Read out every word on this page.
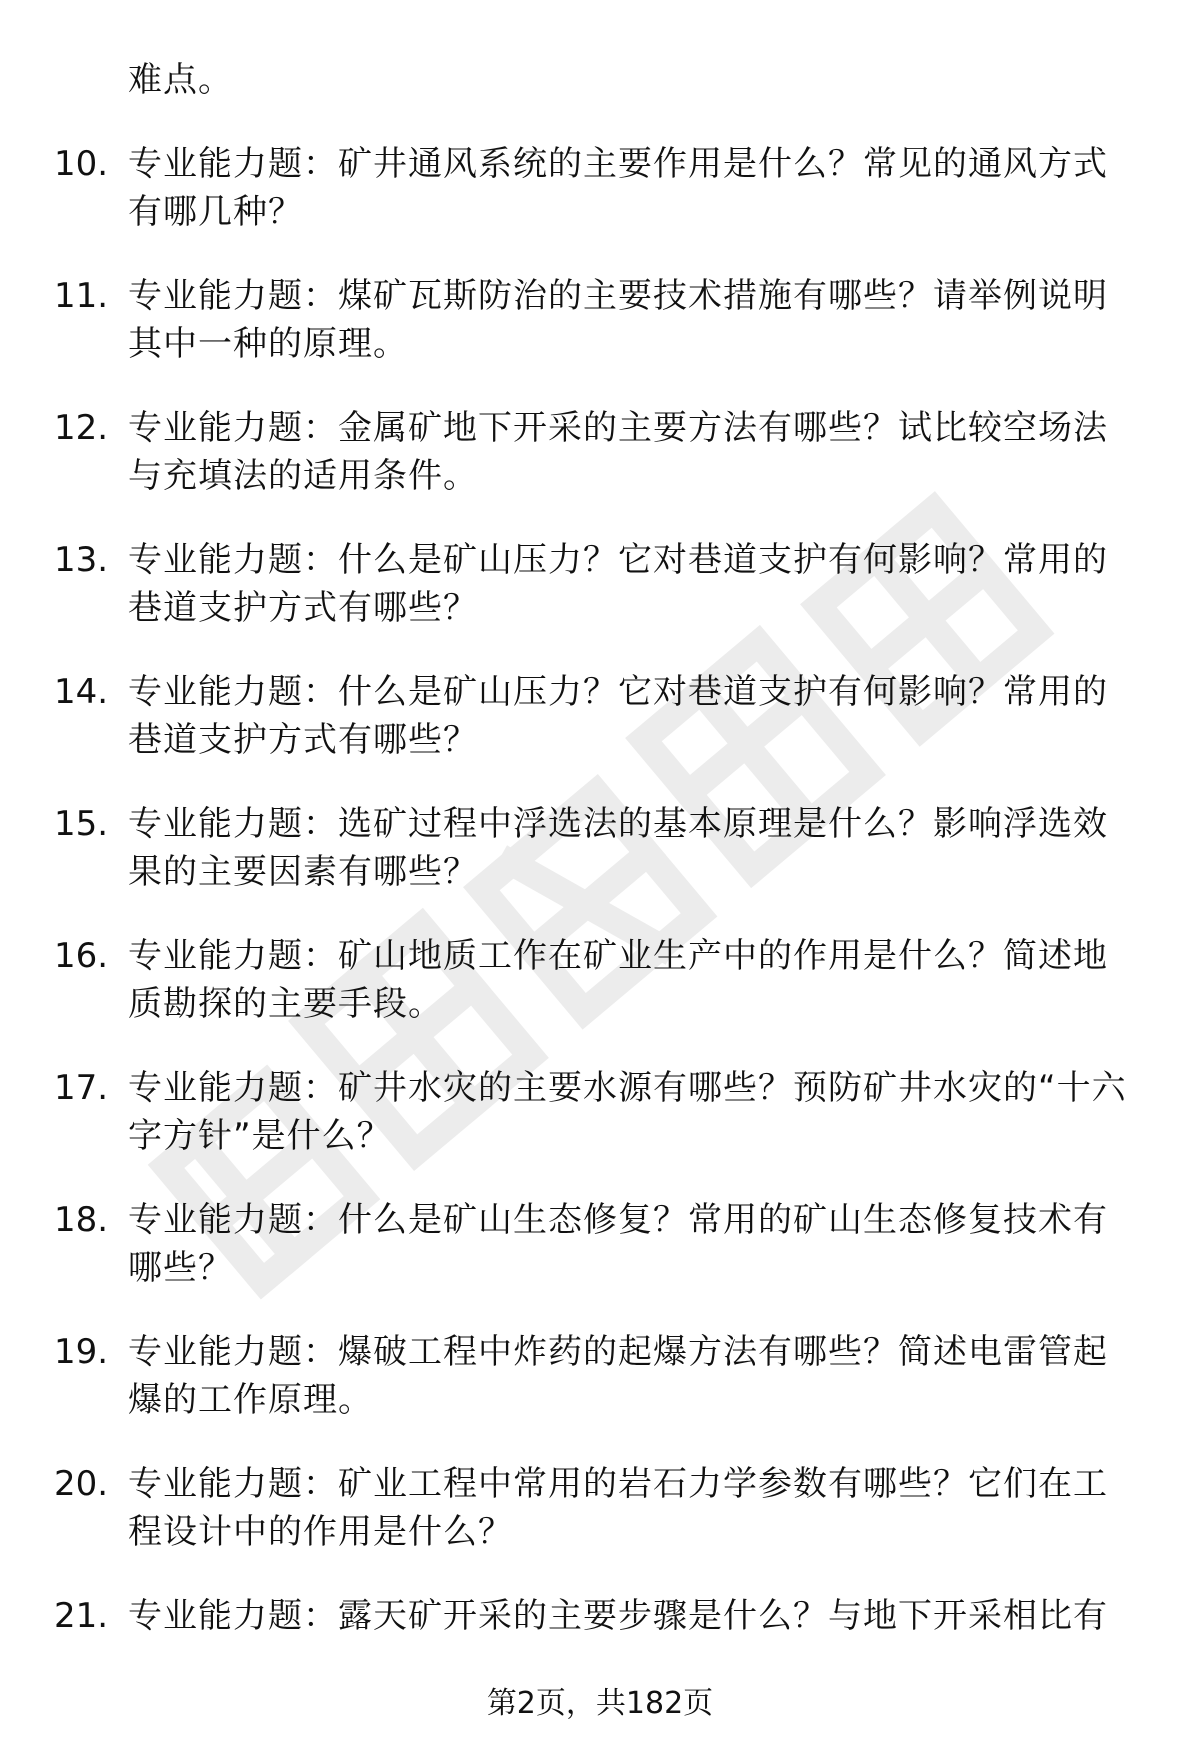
难点。
10. 专业能力题：矿井通风系统的主要作用是什么？常见的通风方式有哪几种？
11. 专业能力题：煤矿瓦斯防治的主要技术措施有哪些？请举例说明其中一种的原理。
12. 专业能力题：金属矿地下开采的主要方法有哪些？试比较空场法与充填法的适用条件。
13. 专业能力题：什么是矿山压力？它对巷道支护有何影响？常用的巷道支护方式有哪些？
14. 专业能力题：什么是矿山压力？它对巷道支护有何影响？常用的巷道支护方式有哪些？
15. 专业能力题：选矿过程中浮选法的基本原理是什么？影响浮选效果的主要因素有哪些？
16. 专业能力题：矿山地质工作在矿业生产中的作用是什么？简述地质勘探的主要手段。
17. 专业能力题：矿井水灾的主要水源有哪些？预防矿井水灾的“十六字方针”是什么？
18. 专业能力题：什么是矿山生态修复？常用的矿山生态修复技术有哪些？
19. 专业能力题：爆破工程中炸药的起爆方法有哪些？简述电雷管起爆的工作原理。
20. 专业能力题：矿业工程中常用的岩石力学参数有哪些？它们在工程设计中的作用是什么？
21. 专业能力题：露天矿开采的主要步骤是什么？与地下开采相比有
第2页，共182页
